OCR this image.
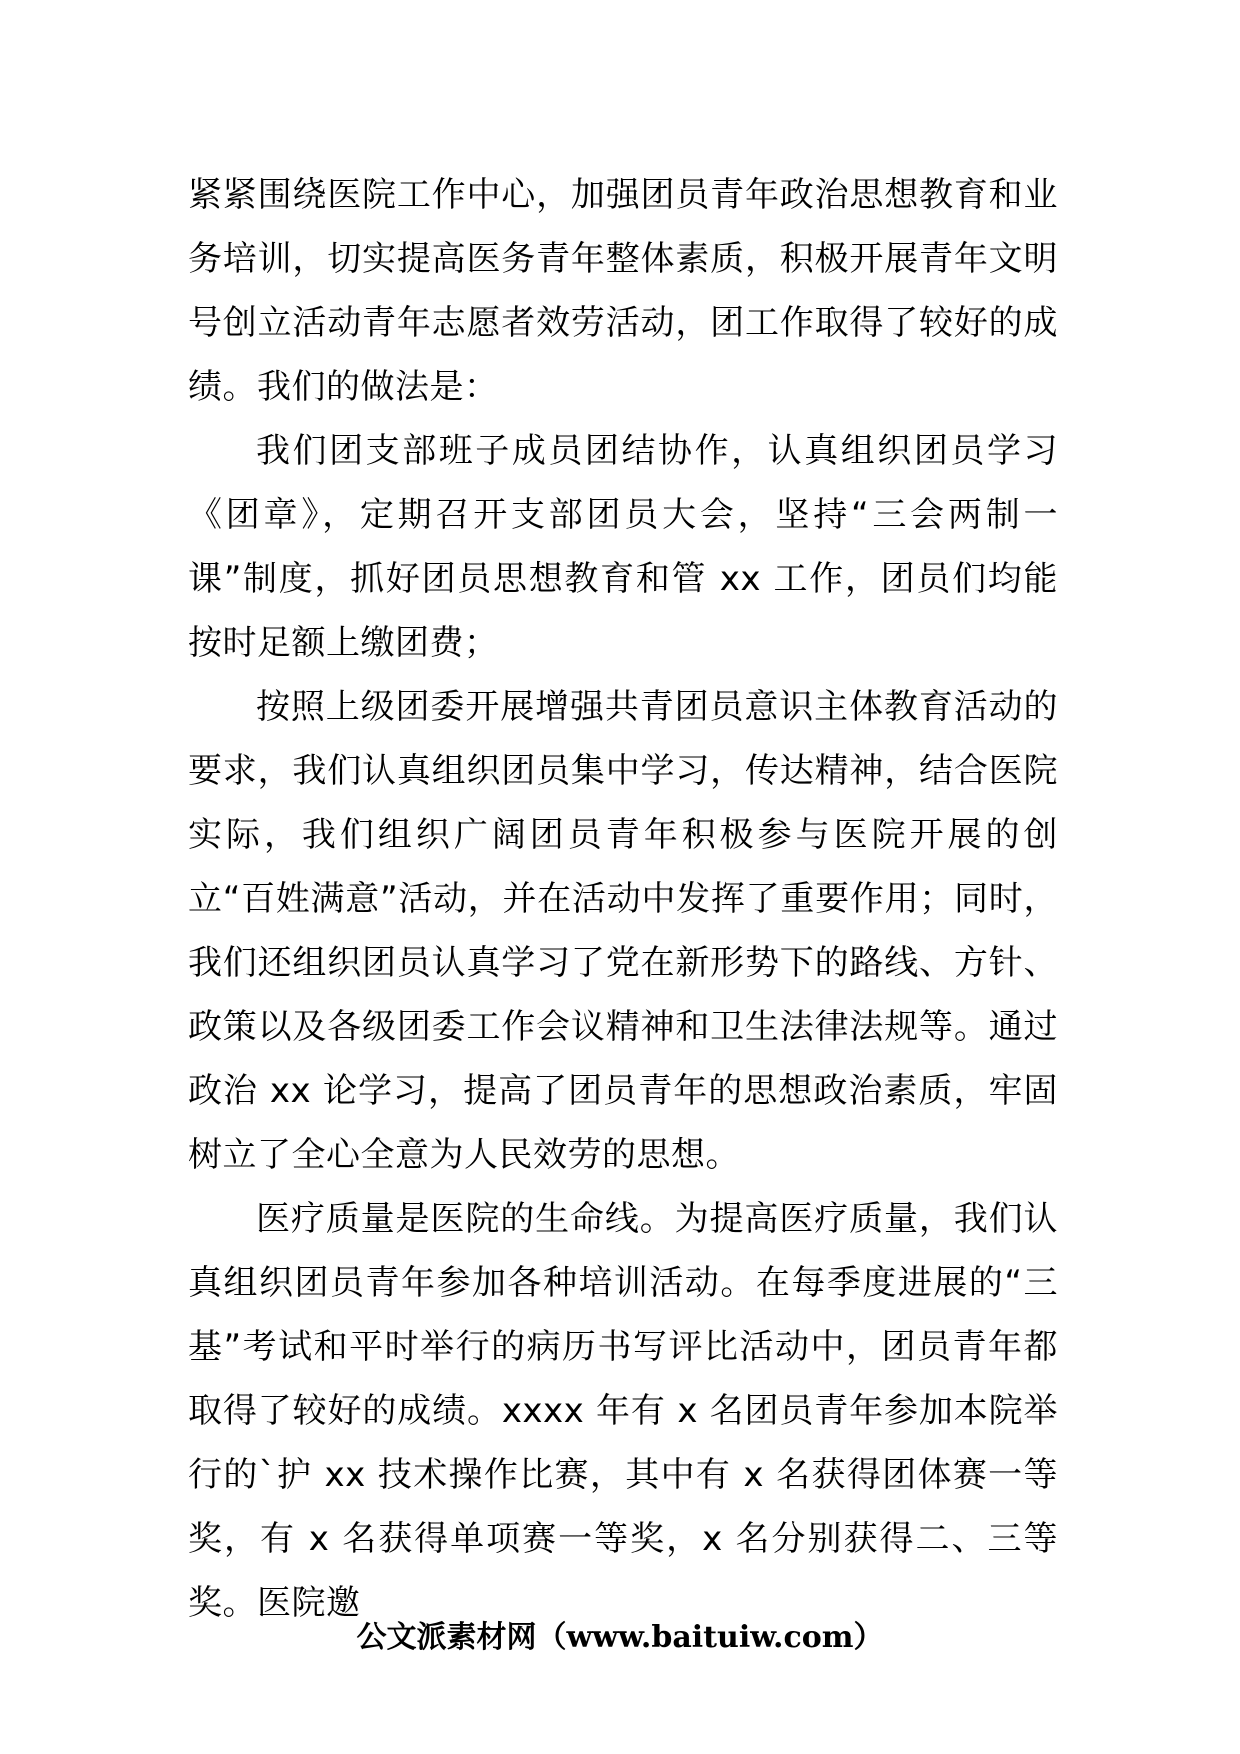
紧紧围绕医院工作中心，加强团员青年政治思想教育和业务培训，切实提高医务青年整体素质，积极开展青年文明号创立活动青年志愿者效劳活动，团工作取得了较好的成绩。我们的做法是：

我们团支部班子成员团结协作，认真组织团员学习《团章》，定期召开支部团员大会，坚持“三会两制一课”制度，抓好团员思想教育和管 xx 工作，团员们均能按时足额上缴团费；

按照上级团委开展增强共青团员意识主体教育活动的要求，我们认真组织团员集中学习，传达精神，结合医院实际，我们组织广阔团员青年积极参与医院开展的创立“百姓满意”活动，并在活动中发挥了重要作用；同时，我们还组织团员认真学习了党在新形势下的路线、方针、政策以及各级团委工作会议精神和卫生法律法规等。通过政治 xx 论学习，提高了团员青年的思想政治素质，牢固树立了全心全意为人民效劳的思想。

医疗质量是医院的生命线。为提高医疗质量，我们认真组织团员青年参加各种培训活动。在每季度进展的“三基”考试和平时举行的病历书写评比活动中，团员青年都取得了较好的成绩。xxxx 年有 x 名团员青年参加本院举行的`护 xx 技术操作比赛，其中有 x 名获得团体赛一等奖，有 x 名获得单项赛一等奖，x 名分别获得二、三等奖。医院邀

公文派素材网（www.baituiw.com）
